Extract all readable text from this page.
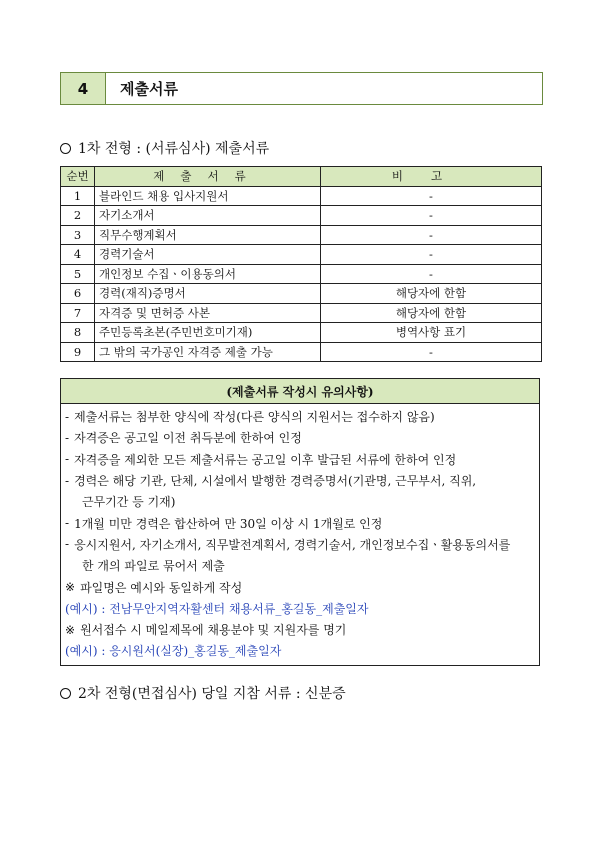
4	제출서류
1차 전형 : (서류심사) 제출서류
순번	제출서류	비고
1	블라인드 채용 입사지원서	-
2	자기소개서	-
3	직무수행계획서	-
4	경력기술서	-
5	개인정보 수집ㆍ이용동의서	-
6	경력(재직)증명서	해당자에 한함
7	자격증 및 면허증 사본	해당자에 한함
8	주민등록초본(주민번호미기재)	병역사항 표기
9	그 밖의 국가공인 자격증 제출 가능	-
(제출서류 작성시 유의사항)
- 제출서류는 첨부한 양식에 작성(다른 양식의 지원서는 접수하지 않음)
- 자격증은 공고일 이전 취득분에 한하여 인정
- 자격증을 제외한 모든 제출서류는 공고일 이후 발급된 서류에 한하여 인정
- 경력은 해당 기관, 단체, 시설에서 발행한 경력증명서(기관명, 근무부서, 직위,
근무기간 등 기재)
- 1개월 미만 경력은 합산하여 만 30일 이상 시 1개월로 인정
- 응시지원서, 자기소개서, 직무발전계획서, 경력기술서, 개인정보수집ㆍ활용동의서를
한 개의 파일로 묶어서 제출
※ 파일명은 예시와 동일하게 작성
(예시) : 전남무안지역자활센터 채용서류_홍길동_제출일자
※ 원서접수 시 메일제목에 채용분야 및 지원자를 명기
(예시) : 응시원서(실장)_홍길동_제출일자
2차 전형(면접심사) 당일 지참 서류 : 신분증
